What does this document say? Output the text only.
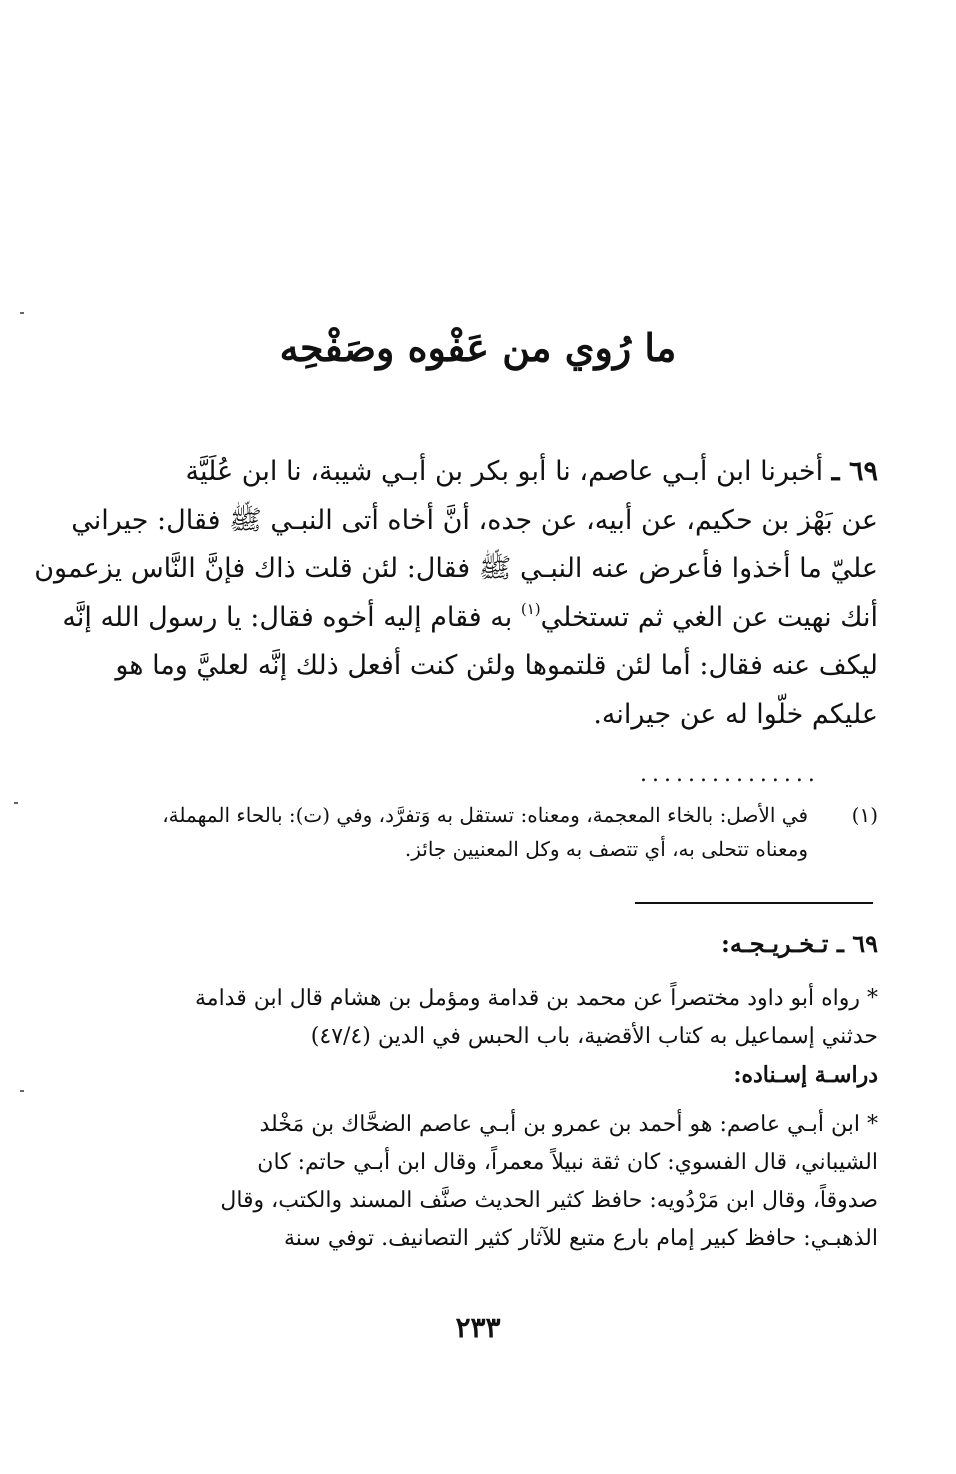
ما رُوي من عَفْوه وصَفْحِه
٦٩ ـ أخبرنا ابن أبـي عاصم، نا أبو بكر بن أبـي شيبة، نا ابن عُلَيَّة
عن بَهْز بن حكيم، عن أبيه، عن جده، أنَّ أخاه أتى النبـي ﷺ فقال: جيراني
عليّ ما أخذوا فأعرض عنه النبـي ﷺ فقال: لئن قلت ذاك فإنَّ النَّاس يزعمون
أنك نهيت عن الغي ثم تستخلي$^{(١)}$ به فقام إليه أخوه فقال: يا رسول الله إنَّه
ليكف عنه فقال: أما لئن قلتموها ولئن كنت أفعل ذلك إنَّه لعليَّ وما هو
عليكم خلّوا له عن جيرانه.
...............
(١)
في الأصل: بالخاء المعجمة، ومعناه: تستقل به وَتفرَّد، وفي (ت): بالحاء المهملة،
ومعناه تتحلى به، أي تتصف به وكل المعنيين جائز.
٦٩ ـ تـخـريـجـه:
* رواه أبو داود مختصراً عن محمد بن قدامة ومؤمل بن هشام قال ابن قدامة
حدثني إسماعيل به كتاب الأقضية، باب الحبس في الدين (٤٧/٤)
دراسـة إسـناده:
* ابن أبـي عاصم: هو أحمد بن عمرو بن أبـي عاصم الضحَّاك بن مَخْلد
الشيباني، قال الفسوي: كان ثقة نبيلاً معمراً، وقال ابن أبـي حاتم: كان
صدوقاً، وقال ابن مَرْدُويه: حافظ كثير الحديث صنَّف المسند والكتب، وقال
الذهبـي: حافظ كبير إمام بارع متبع للآثار كثير التصانيف. توفي سنة
٢٣٣
